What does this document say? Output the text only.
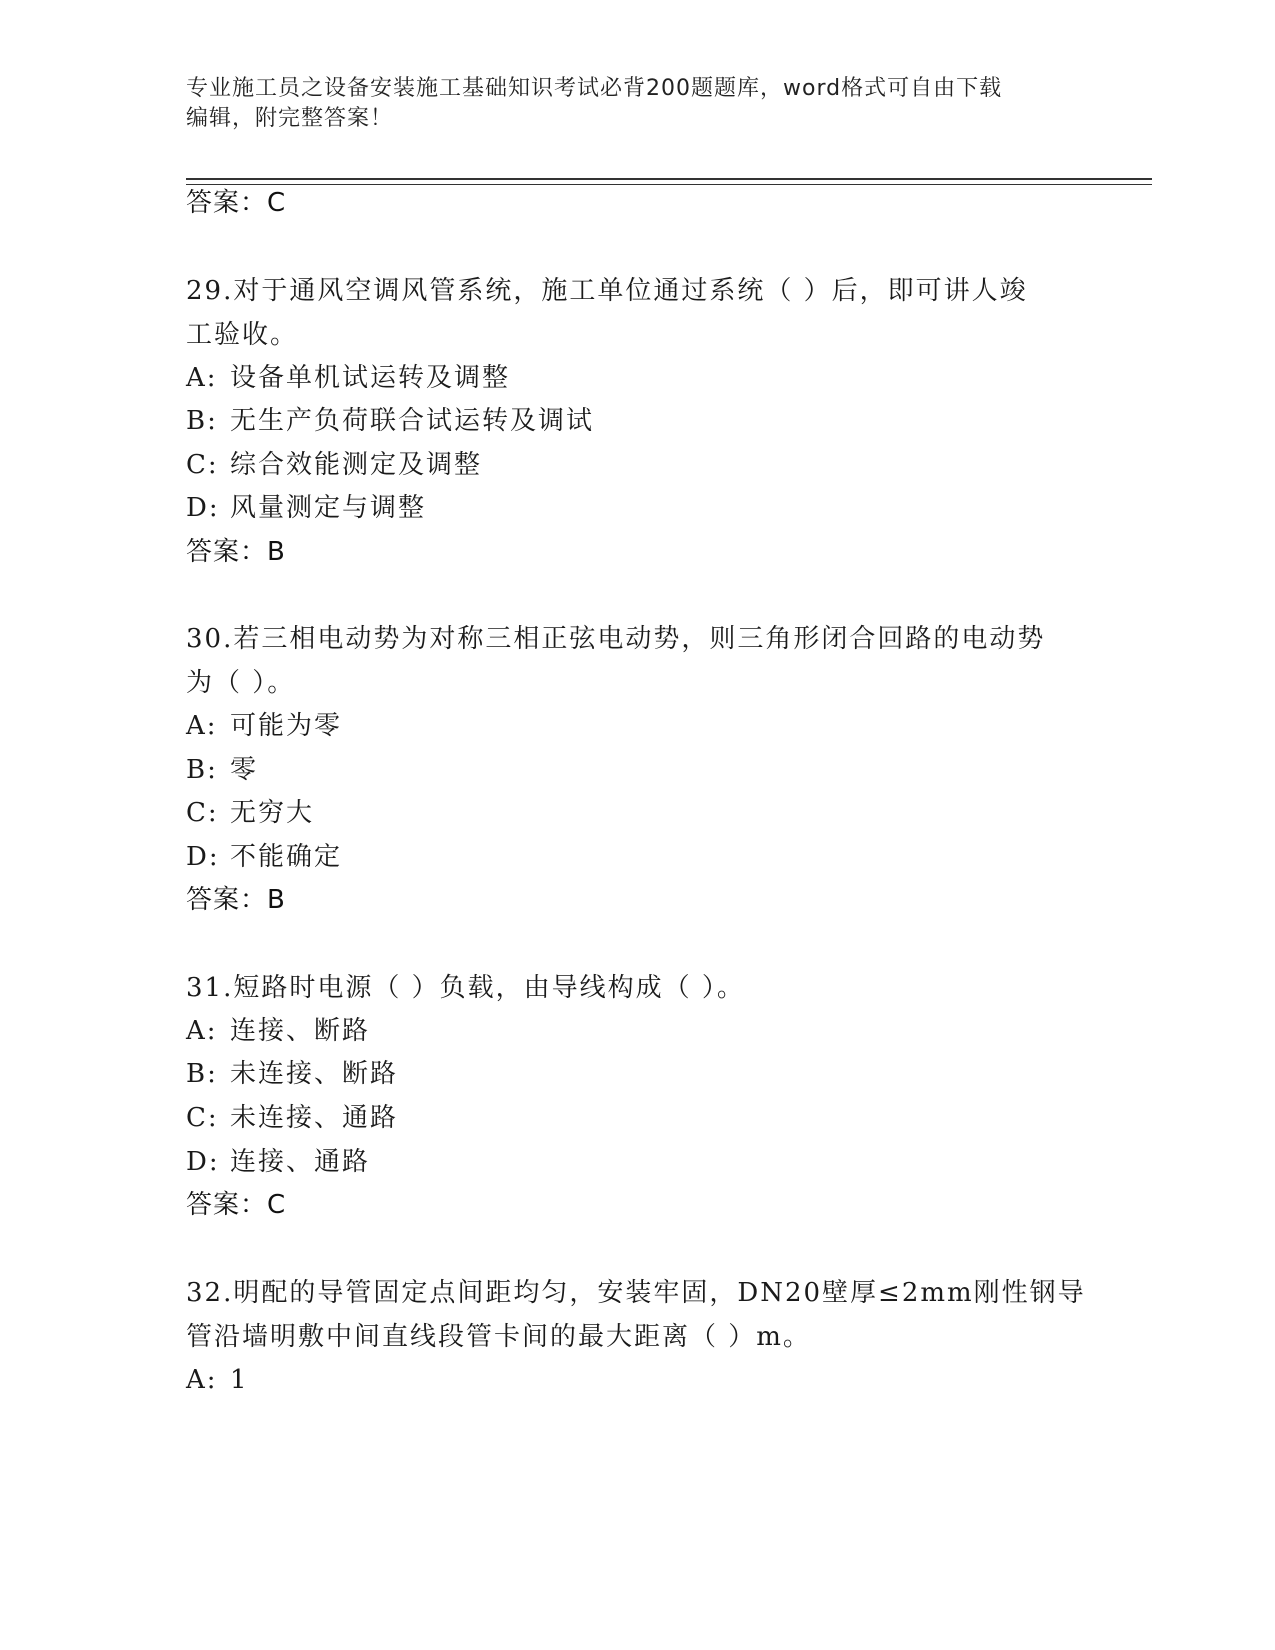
专业施工员之设备安装施工基础知识考试必背200题题库，word格式可自由下载
编辑，附完整答案！
答案：C
29.对于通风空调风管系统，施工单位通过系统（ ）后，即可讲人竣
工验收。
A: 设备单机试运转及调整
B: 无生产负荷联合试运转及调试
C: 综合效能测定及调整
D: 风量测定与调整
答案：B
30.若三相电动势为对称三相正弦电动势，则三角形闭合回路的电动势
为（ ）。
A: 可能为零
B: 零
C: 无穷大
D: 不能确定
答案：B
31.短路时电源（ ）负载，由导线构成（ ）。
A: 连接、断路
B: 未连接、断路
C: 未连接、通路
D: 连接、通路
答案：C
32.明配的导管固定点间距均匀，安装牢固，DN20壁厚≤2mm刚性钢导
管沿墙明敷中间直线段管卡间的最大距离（ ）m。
A: 1
